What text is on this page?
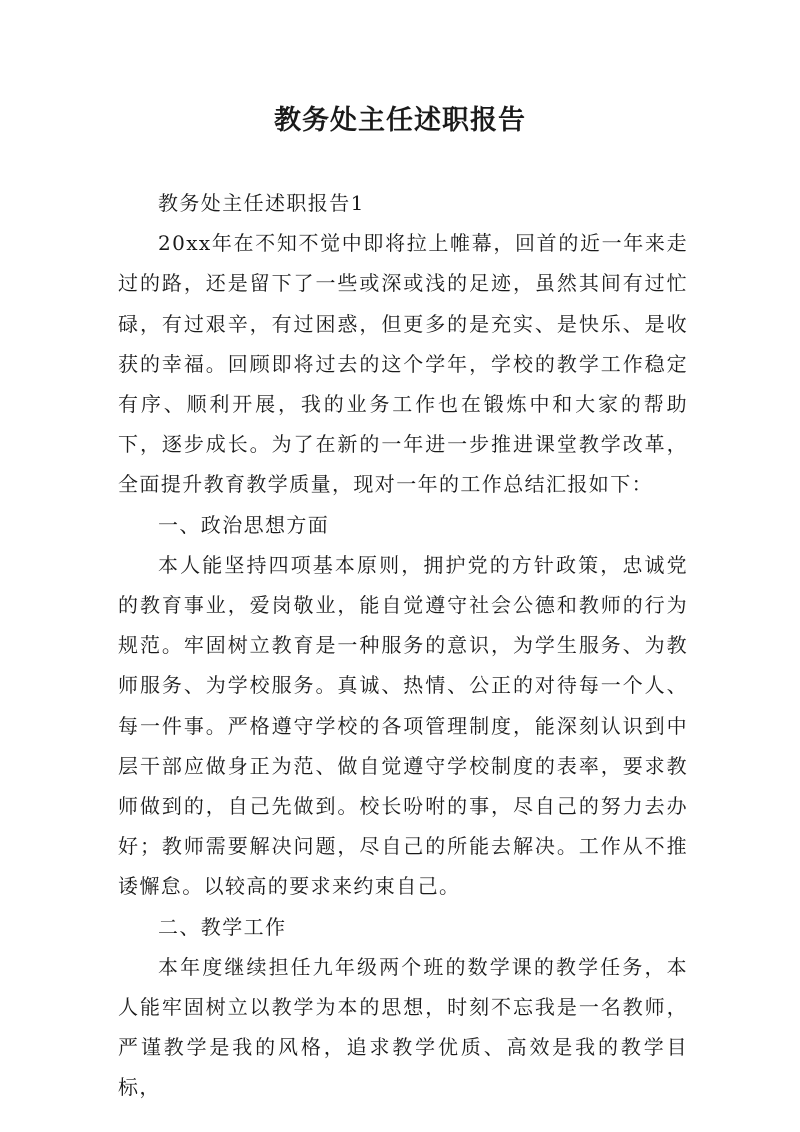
教务处主任述职报告

教务处主任述职报告1

20xx年在不知不觉中即将拉上帷幕，回首的近一年来走过的路，还是留下了一些或深或浅的足迹，虽然其间有过忙碌，有过艰辛，有过困惑，但更多的是充实、是快乐、是收获的幸福。回顾即将过去的这个学年，学校的教学工作稳定有序、顺利开展，我的业务工作也在锻炼中和大家的帮助下，逐步成长。为了在新的一年进一步推进课堂教学改革，全面提升教育教学质量，现对一年的工作总结汇报如下：

一、政治思想方面

本人能坚持四项基本原则，拥护党的方针政策，忠诚党的教育事业，爱岗敬业，能自觉遵守社会公德和教师的行为规范。牢固树立教育是一种服务的意识，为学生服务、为教师服务、为学校服务。真诚、热情、公正的对待每一个人、每一件事。严格遵守学校的各项管理制度，能深刻认识到中层干部应做身正为范、做自觉遵守学校制度的表率，要求教师做到的，自己先做到。校长吩咐的事，尽自己的努力去办好；教师需要解决问题，尽自己的所能去解决。工作从不推诿懈怠。以较高的要求来约束自己。

二、教学工作

本年度继续担任九年级两个班的数学课的教学任务，本人能牢固树立以教学为本的思想，时刻不忘我是一名教师，严谨教学是我的风格，追求教学优质、高效是我的教学目标，
